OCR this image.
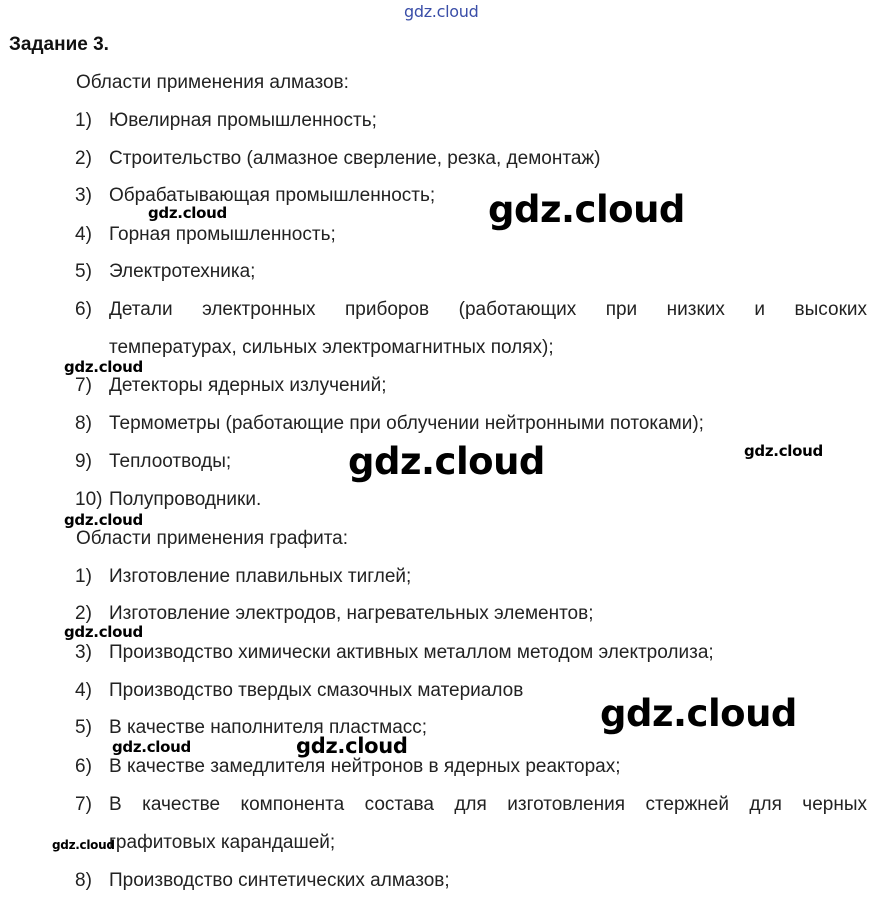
gdz.cloud
Задание 3.
Области применения алмазов:
1) Ювелирная промышленность;
2) Строительство (алмазное сверление, резка, демонтаж)
3) Обрабатывающая промышленность;
4) Горная промышленность;
5) Электротехника;
6) Детали электронных приборов (работающих при низких и высоких
температурах, сильных электромагнитных полях);
7) Детекторы ядерных излучений;
8) Термометры (работающие при облучении нейтронными потоками);
9) Теплоотводы;
10) Полупроводники.
Области применения графита:
1) Изготовление плавильных тиглей;
2) Изготовление электродов, нагревательных элементов;
3) Производство химически активных металлом методом электролиза;
4) Производство твердых смазочных материалов
5) В качестве наполнителя пластмасс;
6) В качестве замедлителя нейтронов в ядерных реакторах;
7) В качестве компонента состава для изготовления стержней для черных
графитовых карандашей;
8) Производство синтетических алмазов;
gdz.cloud	gdz.cloud
gdz.cloud
gdz.cloud	gdz.cloud
gdz.cloud
gdz.cloud
gdz.cloud
gdz.cloud	gdz.cloud
gdz.cloud
